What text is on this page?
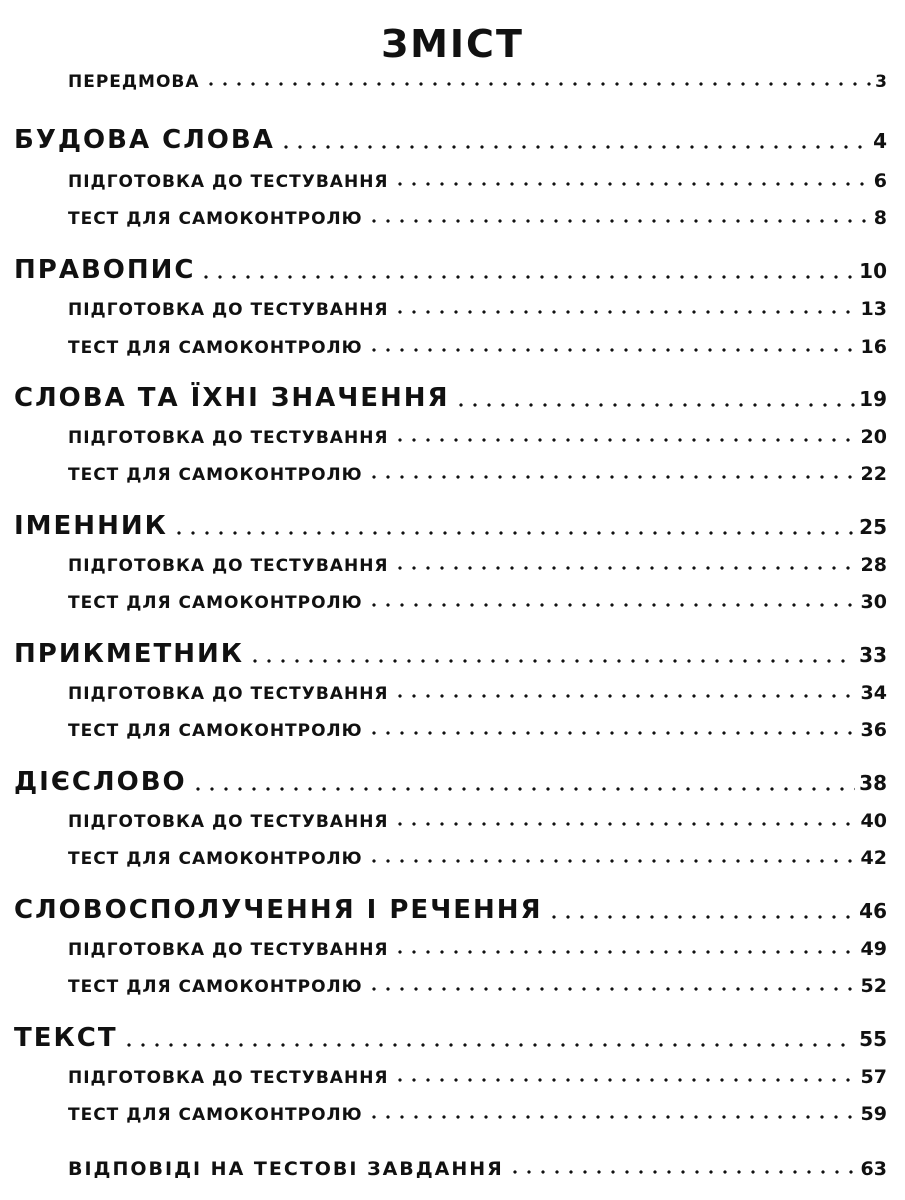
ЗМІСТ
ПЕРЕДМОВА	3
БУДОВА СЛОВА	4
ПІДГОТОВКА ДО ТЕСТУВАННЯ	6
ТЕСТ ДЛЯ САМОКОНТРОЛЮ	8
ПРАВОПИС	10
ПІДГОТОВКА ДО ТЕСТУВАННЯ	13
ТЕСТ ДЛЯ САМОКОНТРОЛЮ	16
СЛОВА ТА ЇХНІ ЗНАЧЕННЯ	19
ПІДГОТОВКА ДО ТЕСТУВАННЯ	20
ТЕСТ ДЛЯ САМОКОНТРОЛЮ	22
ІМЕННИК	25
ПІДГОТОВКА ДО ТЕСТУВАННЯ	28
ТЕСТ ДЛЯ САМОКОНТРОЛЮ	30
ПРИКМЕТНИК	33
ПІДГОТОВКА ДО ТЕСТУВАННЯ	34
ТЕСТ ДЛЯ САМОКОНТРОЛЮ	36
ДІЄСЛОВО	38
ПІДГОТОВКА ДО ТЕСТУВАННЯ	40
ТЕСТ ДЛЯ САМОКОНТРОЛЮ	42
СЛОВОСПОЛУЧЕННЯ І РЕЧЕННЯ	46
ПІДГОТОВКА ДО ТЕСТУВАННЯ	49
ТЕСТ ДЛЯ САМОКОНТРОЛЮ	52
ТЕКСТ	55
ПІДГОТОВКА ДО ТЕСТУВАННЯ	57
ТЕСТ ДЛЯ САМОКОНТРОЛЮ	59
ВІДПОВІДІ НА ТЕСТОВІ ЗАВДАННЯ	63
